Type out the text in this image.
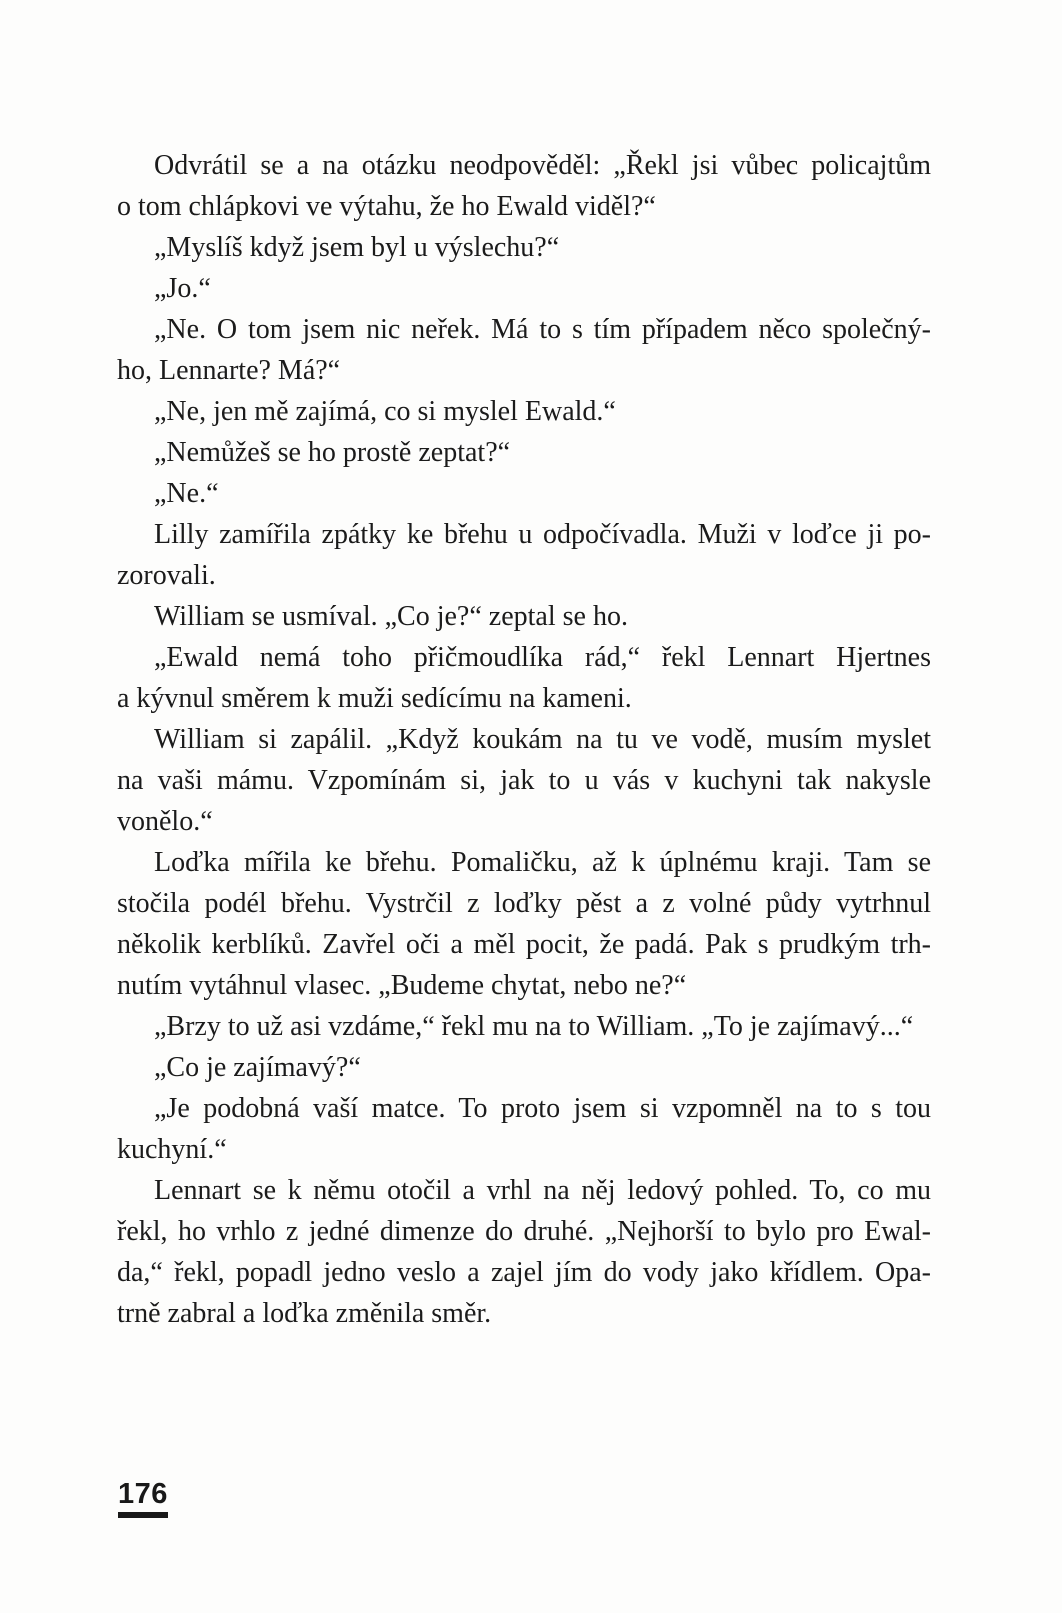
Odvrátil se a na otázku neodpověděl: „Řekl jsi vůbec policajtům
o tom chlápkovi ve výtahu, že ho Ewald viděl?“
„Myslíš když jsem byl u výslechu?“
„Jo.“
„Ne. O tom jsem nic neřek. Má to s tím případem něco společný-
ho, Lennarte? Má?“
„Ne, jen mě zajímá, co si myslel Ewald.“
„Nemůžeš se ho prostě zeptat?“
„Ne.“
Lilly zamířila zpátky ke břehu u odpočívadla. Muži v loďce ji po-
zorovali.
William se usmíval. „Co je?“ zeptal se ho.
„Ewald nemá toho přičmoudlíka rád,“ řekl Lennart Hjertnes
a kývnul směrem k muži sedícímu na kameni.
William si zapálil. „Když koukám na tu ve vodě, musím myslet
na vaši mámu. Vzpomínám si, jak to u vás v kuchyni tak nakysle
vonělo.“
Loďka mířila ke břehu. Pomaličku, až k úplnému kraji. Tam se
stočila podél břehu. Vystrčil z loďky pěst a z volné půdy vytrhnul
několik kerblíků. Zavřel oči a měl pocit, že padá. Pak s prudkým trh-
nutím vytáhnul vlasec. „Budeme chytat, nebo ne?“
„Brzy to už asi vzdáme,“ řekl mu na to William. „To je zajímavý...“
„Co je zajímavý?“
„Je podobná vaší matce. To proto jsem si vzpomněl na to s tou
kuchyní.“
Lennart se k němu otočil a vrhl na něj ledový pohled. To, co mu
řekl, ho vrhlo z jedné dimenze do druhé. „Nejhorší to bylo pro Ewal-
da,“ řekl, popadl jedno veslo a zajel jím do vody jako křídlem. Opa-
trně zabral a loďka změnila směr.
176
